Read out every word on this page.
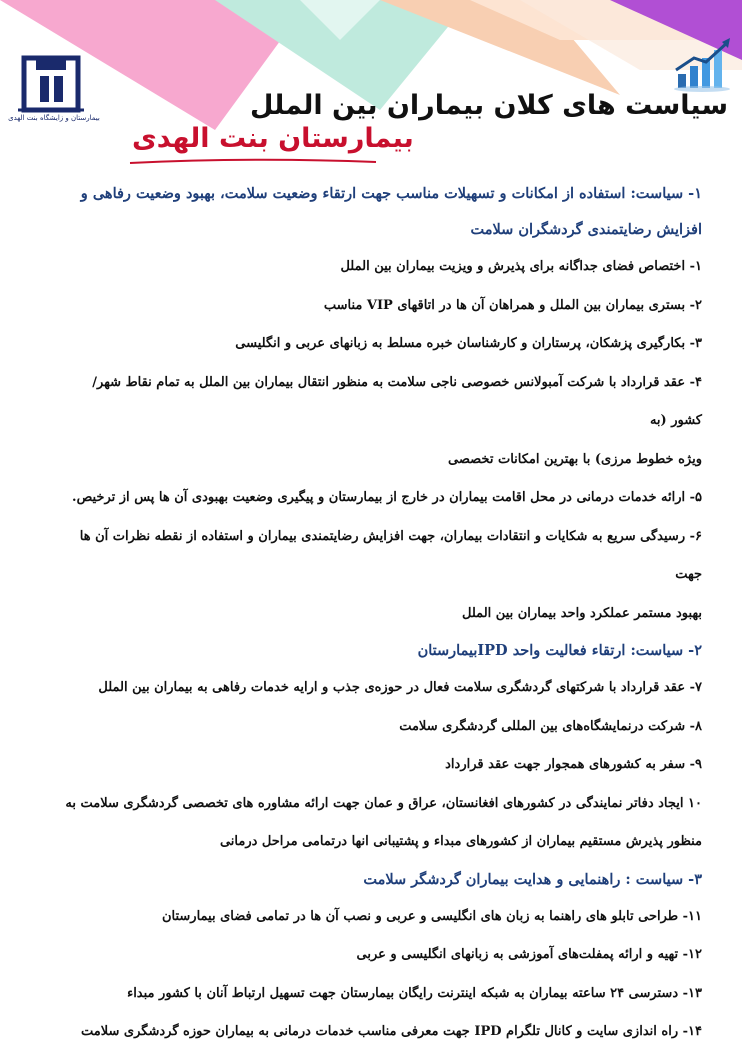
بیمارستان و زایشگاه بنت الهدی	سیاست های کلان بیماران بین الملل
بیمارستان بنت الهدی

۱- سیاست: استفاده از امکانات و تسهیلات مناسب جهت ارتقاء وضعیت سلامت، بهبود وضعیت رفاهی و

افزایش رضایتمندی گردشگران سلامت

۱- اختصاص فضای جداگانه برای پذیرش و ویزیت بیماران بین الملل

۲- بستری بیماران بین الملل و همراهان آن ها در اتاقهای VIP مناسب

۳- بکارگیری پزشکان، پرستاران و کارشناسان خبره مسلط به زبانهای عربی و انگلیسی

۴- عقد قرارداد با شرکت آمبولانس خصوصی ناجی سلامت به منظور انتقال بیماران بین الملل به تمام نقاط شهر/کشور (به

ویژه خطوط مرزی) با بهترین امکانات تخصصی

۵- ارائه خدمات درمانی در محل اقامت بیماران در خارج از بیمارستان و پیگیری وضعیت بهبودی آن ها پس از ترخیص.

۶- رسیدگی سریع به شکایات و انتقادات بیماران، جهت افزایش رضایتمندی بیماران و استفاده از نقطه نظرات آن ها جهت

بهبود مستمر عملکرد واحد بیماران بین الملل

۲- سیاست: ارتقاء فعالیت واحد IPDبیمارستان

۷- عقد قرارداد با شرکتهای گردشگری سلامت فعال در حوزه‌ی جذب و ارایه خدمات رفاهی به بیماران بین الملل

۸- شرکت درنمایشگاه‌های بین المللی گردشگری سلامت

۹- سفر به کشورهای همجوار جهت عقد قرارداد

۱۰ ایجاد دفاتر نمایندگی در کشورهای افغانستان، عراق و عمان جهت ارائه مشاوره های تخصصی گردشگری سلامت به

منظور پذیرش مستقیم بیماران از کشورهای مبداء و پشتیبانی انها درتمامی مراحل درمانی

۳- سیاست : راهنمایی و هدایت بیماران گردشگر سلامت

۱۱- طراحی تابلو های راهنما به زبان های انگلیسی و عربی و نصب آن ها در تمامی فضای بیمارستان

۱۲- تهیه و ارائه پمفلت‌های آموزشی به زبانهای انگلیسی و عربی

۱۳- دسترسی ۲۴ ساعته بیماران به شبکه اینترنت رایگان بیمارستان جهت تسهیل ارتباط آنان با کشور مبداء

۱۴- راه اندازی سایت و کانال تلگرام IPD جهت معرفی مناسب خدمات درمانی به بیماران حوزه گردشگری سلامت
